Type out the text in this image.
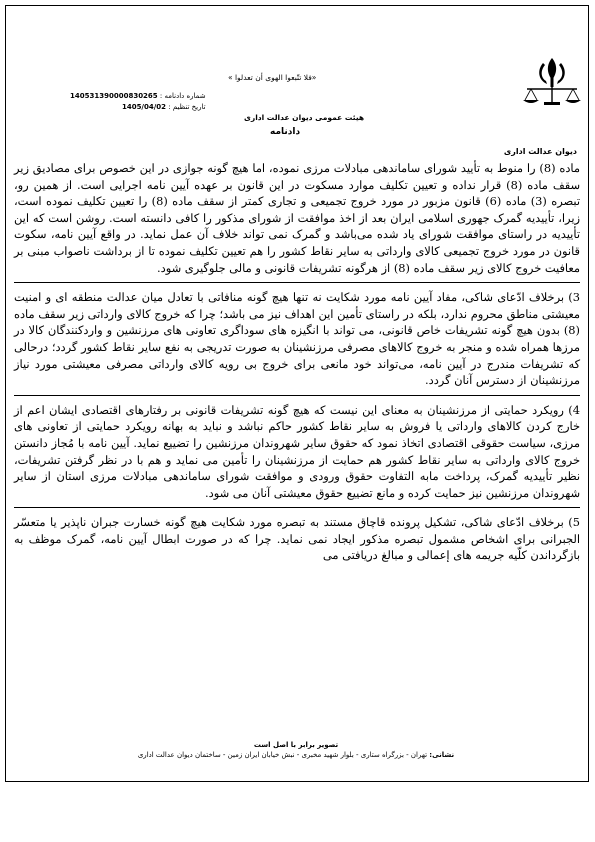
دیوان عدالت اداری
«فلا تتّبعوا الهوی أن تعدلوا »
شماره دادنامه : 140531390000830265
تاریخ تنظیم : 1405/04/02
هیئت عمومی دیوان عدالت اداری
دادنامه

ماده (8) را منوط به تأیید شورای ساماندهی مبادلات مرزی نموده، اما هیچ گونه جوازی در این خصوص برای مصادیق زیر سقف ماده (8) قرار نداده و تعیین تکلیف موارد مسکوت در این قانون بر عهده آیین نامه اجرایی است. از همین رو، تبصره (3) ماده (6) قانون مزبور در مورد خروج تجمیعی و تجاری کمتر از سقف ماده (8) را تعیین تکلیف نموده است، زیرا، تأییدیه گمرک جهوری اسلامی ایران بعد از اخذ موافقت از شورای مذکور را کافی دانسته است. روشن است که این تأییدیه در راستای موافقت شورای یاد شده می‌باشد و گمرک نمی تواند خلاف آن عمل نماید. در واقع آیین نامه، سکوت قانون در مورد خروج تجمیعی کالای وارداتی به سایر نقاط کشور را هم تعیین تکلیف نموده تا از برداشت ناصواب مبنی بر معافیت خروج کالای زیر سقف ماده (8) از هرگونه تشریفات قانونی و مالی جلوگیری شود.

3) برخلاف ادّعای شاکی، مفاد آیین نامه مورد شکایت نه تنها هیچ گونه منافاتی با تعادل میان عدالت منطقه ای و امنیت معیشتی مناطق محروم ندارد، بلکه در راستای تأمین این اهداف نیز می باشد؛ چرا که خروج کالای وارداتی زیر سقف ماده (8) بدون هیچ گونه تشریفات خاص قانونی، می تواند با انگیزه های سوداگری تعاونی های مرزنشین و واردکنندگان کالا در مرزها همراه شده و منجر به خروج کالاهای مصرفی مرزنشینان به صورت تدریجی به نفع سایر نقاط کشور گردد؛ درحالی که تشریفات مندرج در آیین نامه، می‌تواند خود مانعی برای خروج بی رویه کالای وارداتی مصرفی معیشتی مورد نیاز مرزنشینان از دسترس آنان گردد.

4) رویکرد حمایتی از مرزنشینان به معنای این نیست که هیچ گونه تشریفات قانونی بر رفتارهای اقتصادی ایشان اعم از خارج کردن کالاهای وارداتی یا فروش به سایر نقاط کشور حاکم نباشد و نباید به بهانه رویکرد حمایتی از تعاونی های مرزی، سیاست حقوقی اقتصادی اتخاذ نمود که حقوق سایر شهروندان مرزنشین را تضییع نماید. آیین نامه با مُجاز دانستن خروج کالای وارداتی به سایر نقاط کشور هم حمایت از مرزنشینان را تأمین می نماید و هم با در نظر گرفتن تشریفات، نظیر تأییدیه گمرک، پرداخت مابه التفاوت حقوق ورودی و موافقت شورای ساماندهی مبادلات مرزی استان از سایر شهروندان مرزنشین نیز حمایت کرده و مانع تضییع حقوق معیشتی آنان می شود.

5) برخلاف ادّعای شاکی، تشکیل پرونده قاچاق مستند به تبصره مورد شکایت هیچ گونه خسارت جبران ناپذیر یا متعسّر الجبرانی برای اشخاص مشمول تبصره مذکور ایجاد نمی نماید. چرا که در صورت ابطال آیین نامه، گمرک موظف به بازگرداندن کلّیه جریمه های إعمالی و مبالغ دریافتی می

تصویر برابر با اصل است
نشانی: تهران - بزرگراه ستاری - بلوار شهید مخبری - نبش خیابان ایران زمین - ساختمان دیوان عدالت اداری
